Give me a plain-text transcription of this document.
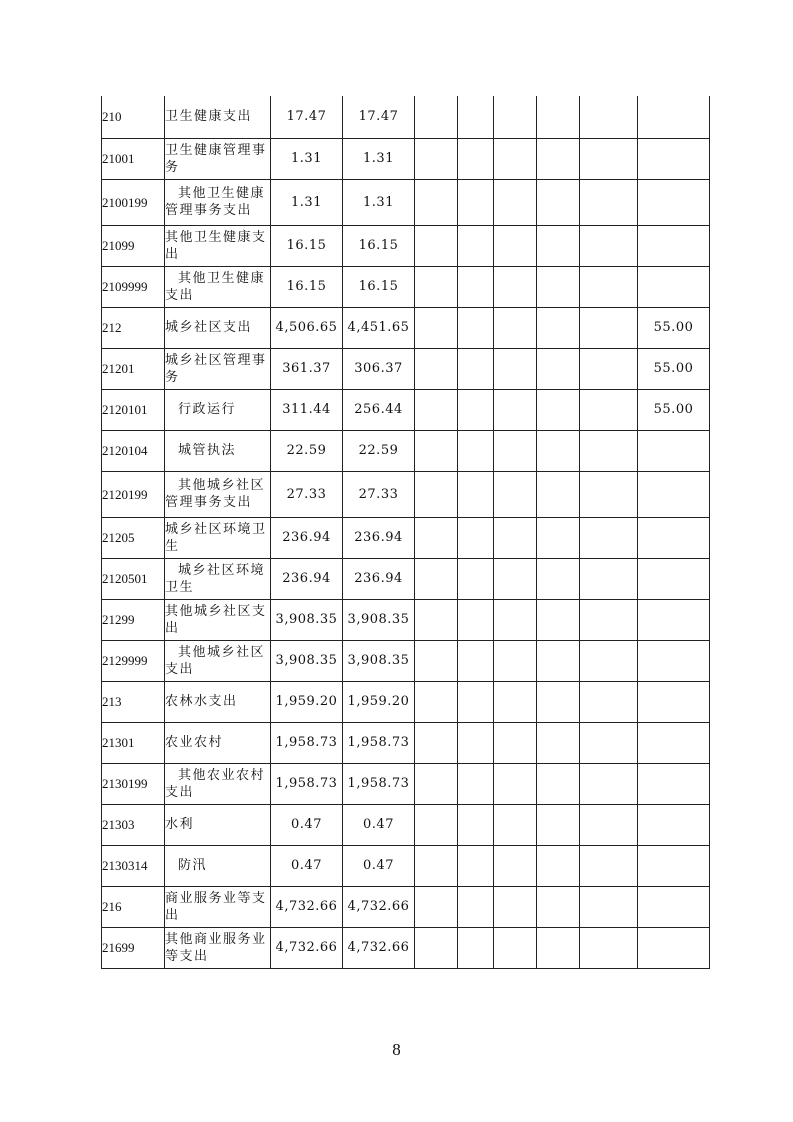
210	卫生健康支出	17.47	17.47						
21001	卫生健康管理事务	1.31	1.31						
2100199	其他卫生健康管理事务支出	1.31	1.31						
21099	其他卫生健康支出	16.15	16.15						
2109999	其他卫生健康支出	16.15	16.15						
212	城乡社区支出	4,506.65	4,451.65						55.00
21201	城乡社区管理事务	361.37	306.37						55.00
2120101	行政运行	311.44	256.44						55.00
2120104	城管执法	22.59	22.59						
2120199	其他城乡社区管理事务支出	27.33	27.33						
21205	城乡社区环境卫生	236.94	236.94						
2120501	城乡社区环境卫生	236.94	236.94						
21299	其他城乡社区支出	3,908.35	3,908.35						
2129999	其他城乡社区支出	3,908.35	3,908.35						
213	农林水支出	1,959.20	1,959.20						
21301	农业农村	1,958.73	1,958.73						
2130199	其他农业农村支出	1,958.73	1,958.73						
21303	水利	0.47	0.47						
2130314	防汛	0.47	0.47						
216	商业服务业等支出	4,732.66	4,732.66						
21699	其他商业服务业等支出	4,732.66	4,732.66						
8
